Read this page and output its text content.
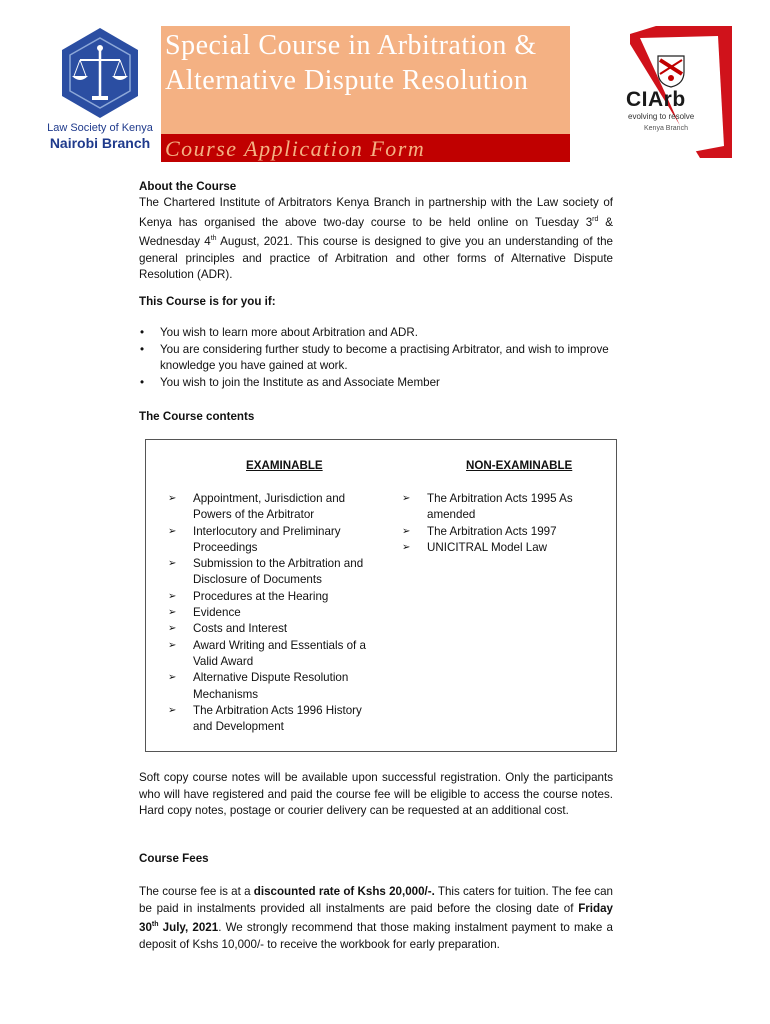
Law Society of Kenya
Nairobi Branch
Special Course in Arbitration & Alternative Dispute Resolution
Course Application Form
CIArb
evolving to resolve
Kenya Branch
About the Course
The Chartered Institute of Arbitrators Kenya Branch in partnership with the Law society of Kenya has organised the above two-day course to be held online on Tuesday 3rd & Wednesday 4th August, 2021. This course is designed to give you an understanding of the general principles and practice of Arbitration and other forms of Alternative Dispute Resolution (ADR).
This Course is for you if:
• You wish to learn more about Arbitration and ADR.
• You are considering further study to become a practising Arbitrator, and wish to improve knowledge you have gained at work.
• You wish to join the Institute as and Associate Member
The Course contents
EXAMINABLE	NON-EXAMINABLE
➢ Appointment, Jurisdiction and Powers of the Arbitrator
➢ Interlocutory and Preliminary Proceedings
➢ Submission to the Arbitration and Disclosure of Documents
➢ Procedures at the Hearing
➢ Evidence
➢ Costs and Interest
➢ Award Writing and Essentials of a Valid Award
➢ Alternative Dispute Resolution Mechanisms
➢ The Arbitration Acts 1996 History and Development
➢ The Arbitration Acts 1995 As amended
➢ The Arbitration Acts 1997
➢ UNICITRAL Model Law
Soft copy course notes will be available upon successful registration. Only the participants who will have registered and paid the course fee will be eligible to access the course notes. Hard copy notes, postage or courier delivery can be requested at an additional cost.
Course Fees
The course fee is at a discounted rate of Kshs 20,000/-. This caters for tuition. The fee can be paid in instalments provided all instalments are paid before the closing date of Friday 30th July, 2021. We strongly recommend that those making instalment payment to make a deposit of Kshs 10,000/- to receive the workbook for early preparation.
